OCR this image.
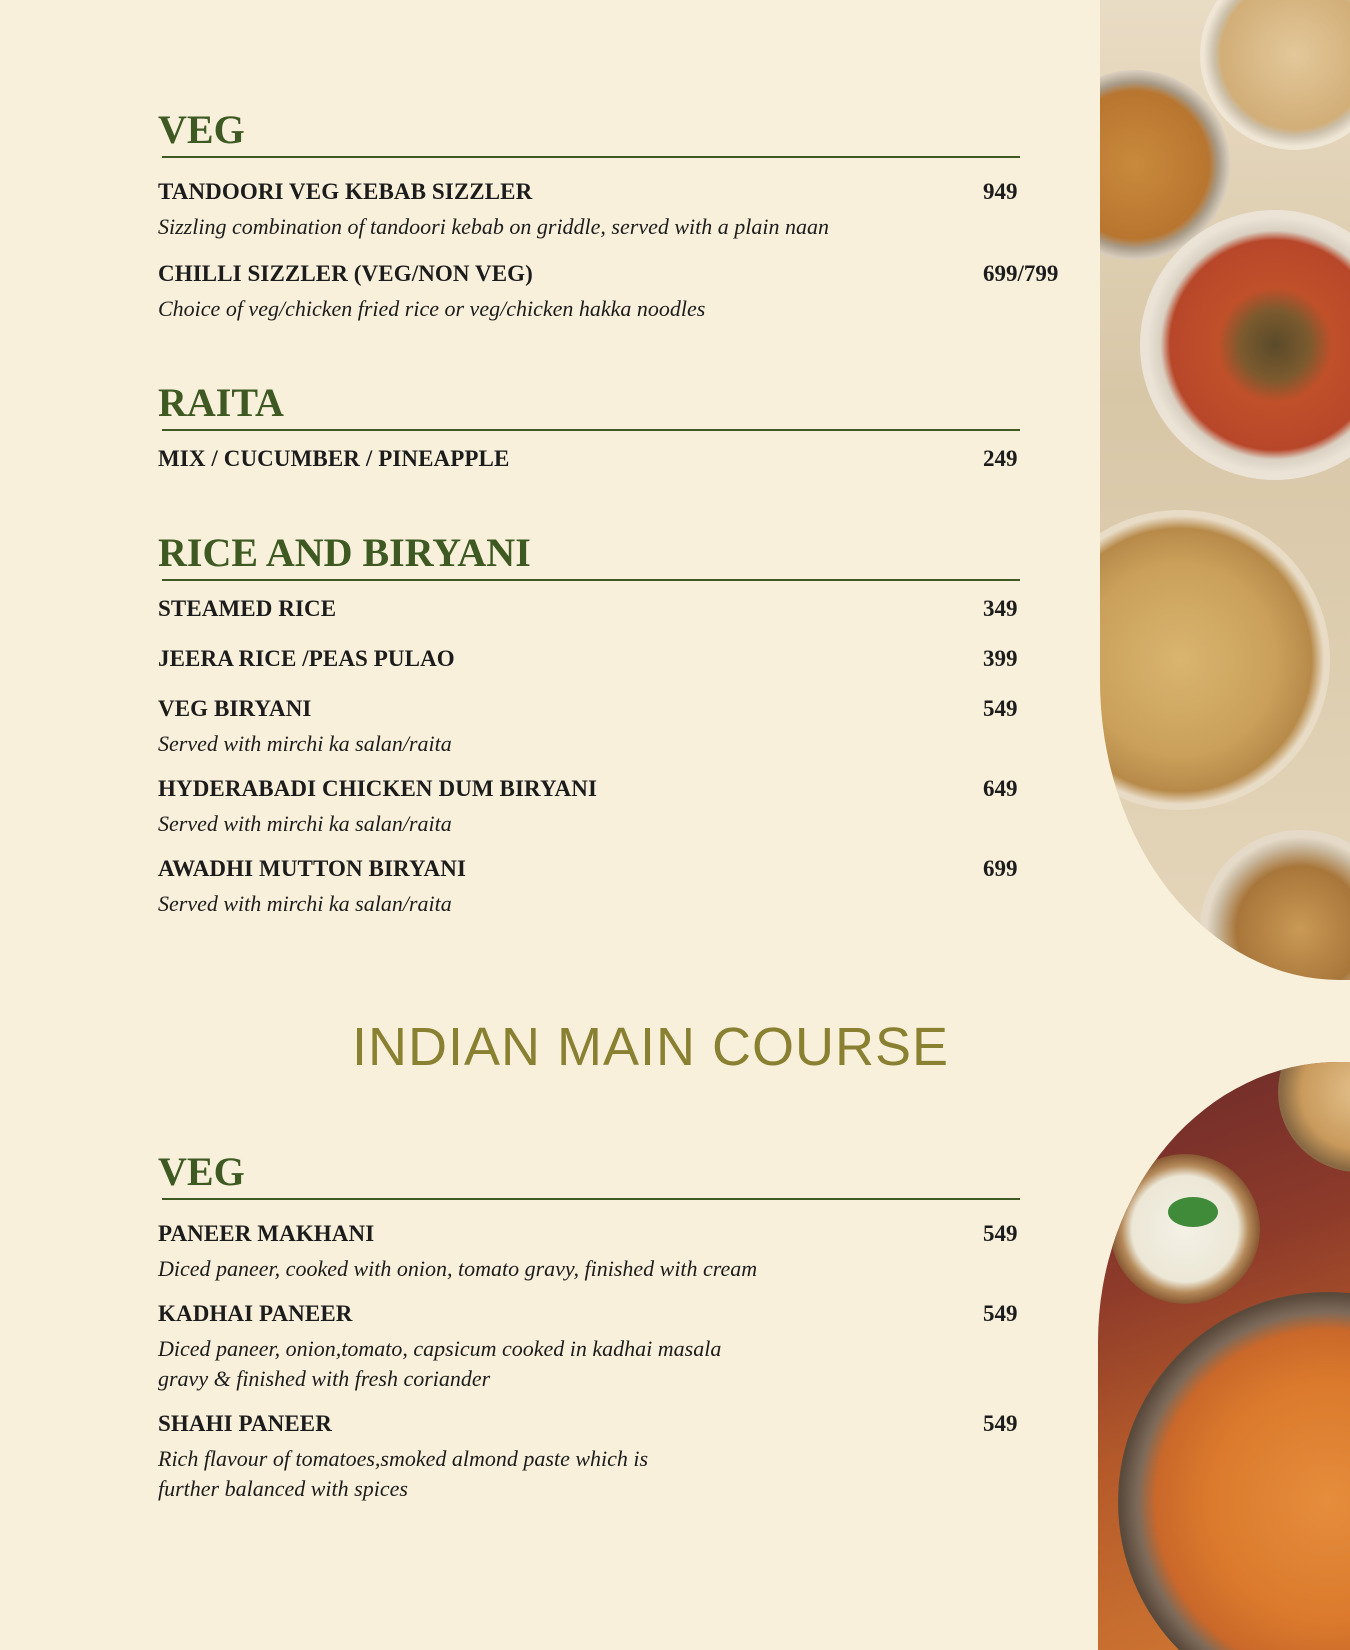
VEG
TANDOORI VEG KEBAB SIZZLER	949
Sizzling combination of tandoori kebab on griddle, served with a plain naan
CHILLI SIZZLER (VEG/NON VEG)	699/799
Choice of veg/chicken fried rice or veg/chicken hakka noodles
RAITA
MIX / CUCUMBER / PINEAPPLE	249
RICE AND BIRYANI
STEAMED RICE	349
JEERA RICE /PEAS PULAO	399
VEG BIRYANI	549
Served with mirchi ka salan/raita
HYDERABADI CHICKEN DUM BIRYANI	649
Served with mirchi ka salan/raita
AWADHI MUTTON BIRYANI	699
Served with mirchi ka salan/raita
INDIAN MAIN COURSE
VEG
PANEER MAKHANI	549
Diced paneer, cooked with onion, tomato gravy, finished with cream
KADHAI PANEER	549
Diced paneer, onion,tomato, capsicum cooked in kadhai masala
gravy & finished with fresh coriander
SHAHI PANEER	549
Rich flavour of tomatoes,smoked almond paste which is
further balanced with spices
